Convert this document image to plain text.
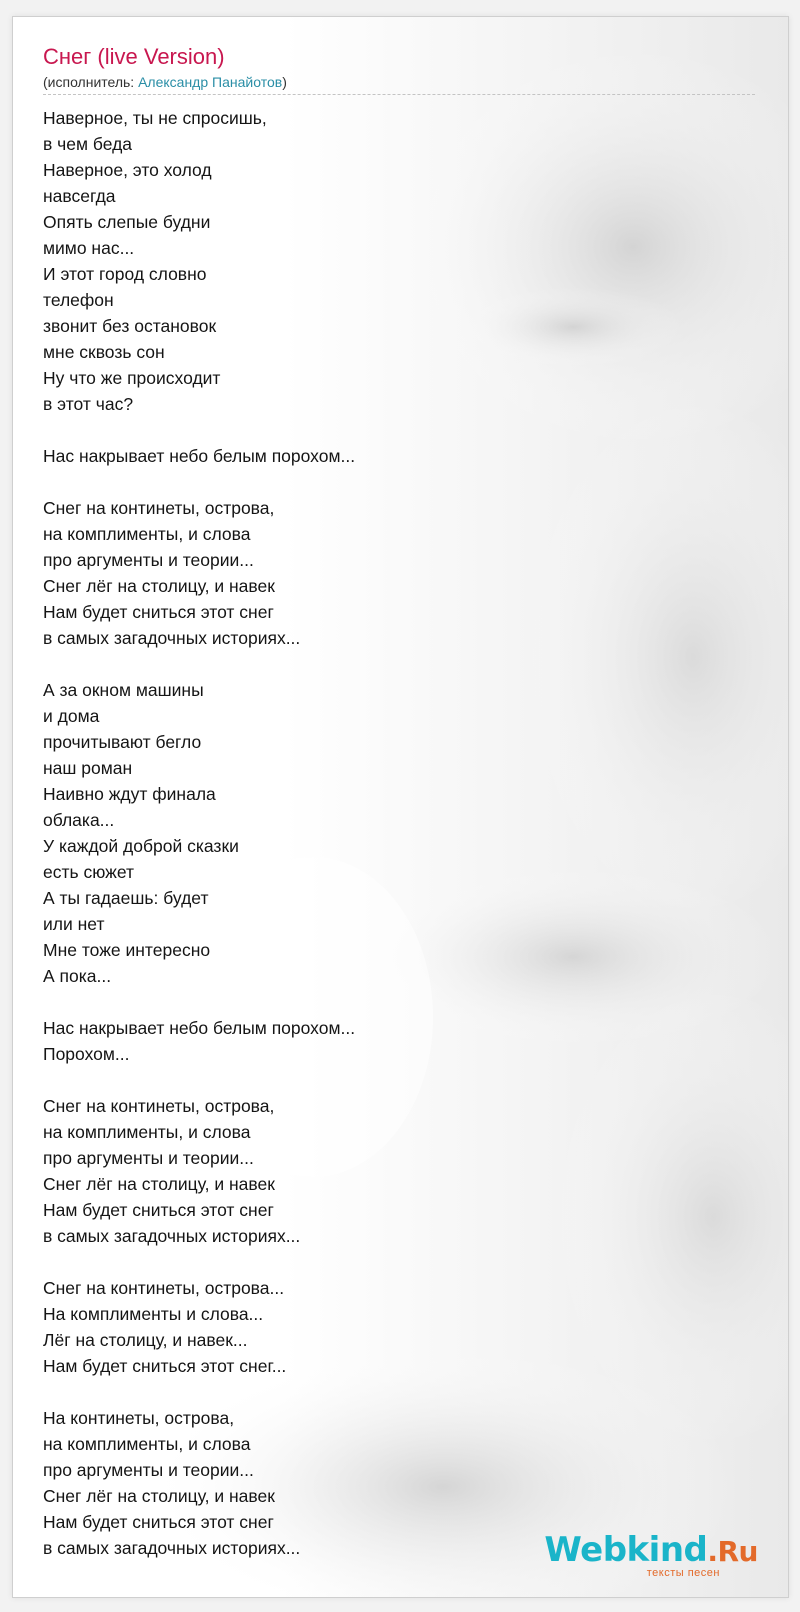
Снег (live Version)
(исполнитель: Александр Панайотов)
Наверное, ты не спросишь,
в чем беда
Наверное, это холод
навсегда
Опять слепые будни
мимо нас...
И этот город словно
телефон
звонит без остановок
мне сквозь сон
Ну что же происходит
в этот час?
Нас накрывает небо белым порохом...
Снег на континеты, острова,
на комплименты, и слова
про аргументы и теории...
Снег лёг на столицу, и навек
Нам будет сниться этот снег
в самых загадочных историях...
А за окном машины
и дома
прочитывают бегло
наш роман
Наивно ждут финала
облака...
У каждой доброй сказки
есть сюжет
А ты гадаешь: будет
или нет
Мне тоже интересно
А пока...
Нас накрывает небо белым порохом...
Порохом...
Снег на континеты, острова,
на комплименты, и слова
про аргументы и теории...
Снег лёг на столицу, и навек
Нам будет сниться этот снег
в самых загадочных историях...
Снег на континеты, острова...
На комплименты и слова...
Лёг на столицу, и навек...
Нам будет сниться этот снег...
На континеты, острова,
на комплименты, и слова
про аргументы и теории...
Снег лёг на столицу, и навек
Нам будет сниться этот снег
в самых загадочных историях...	Webkind.Ru
тексты песен
